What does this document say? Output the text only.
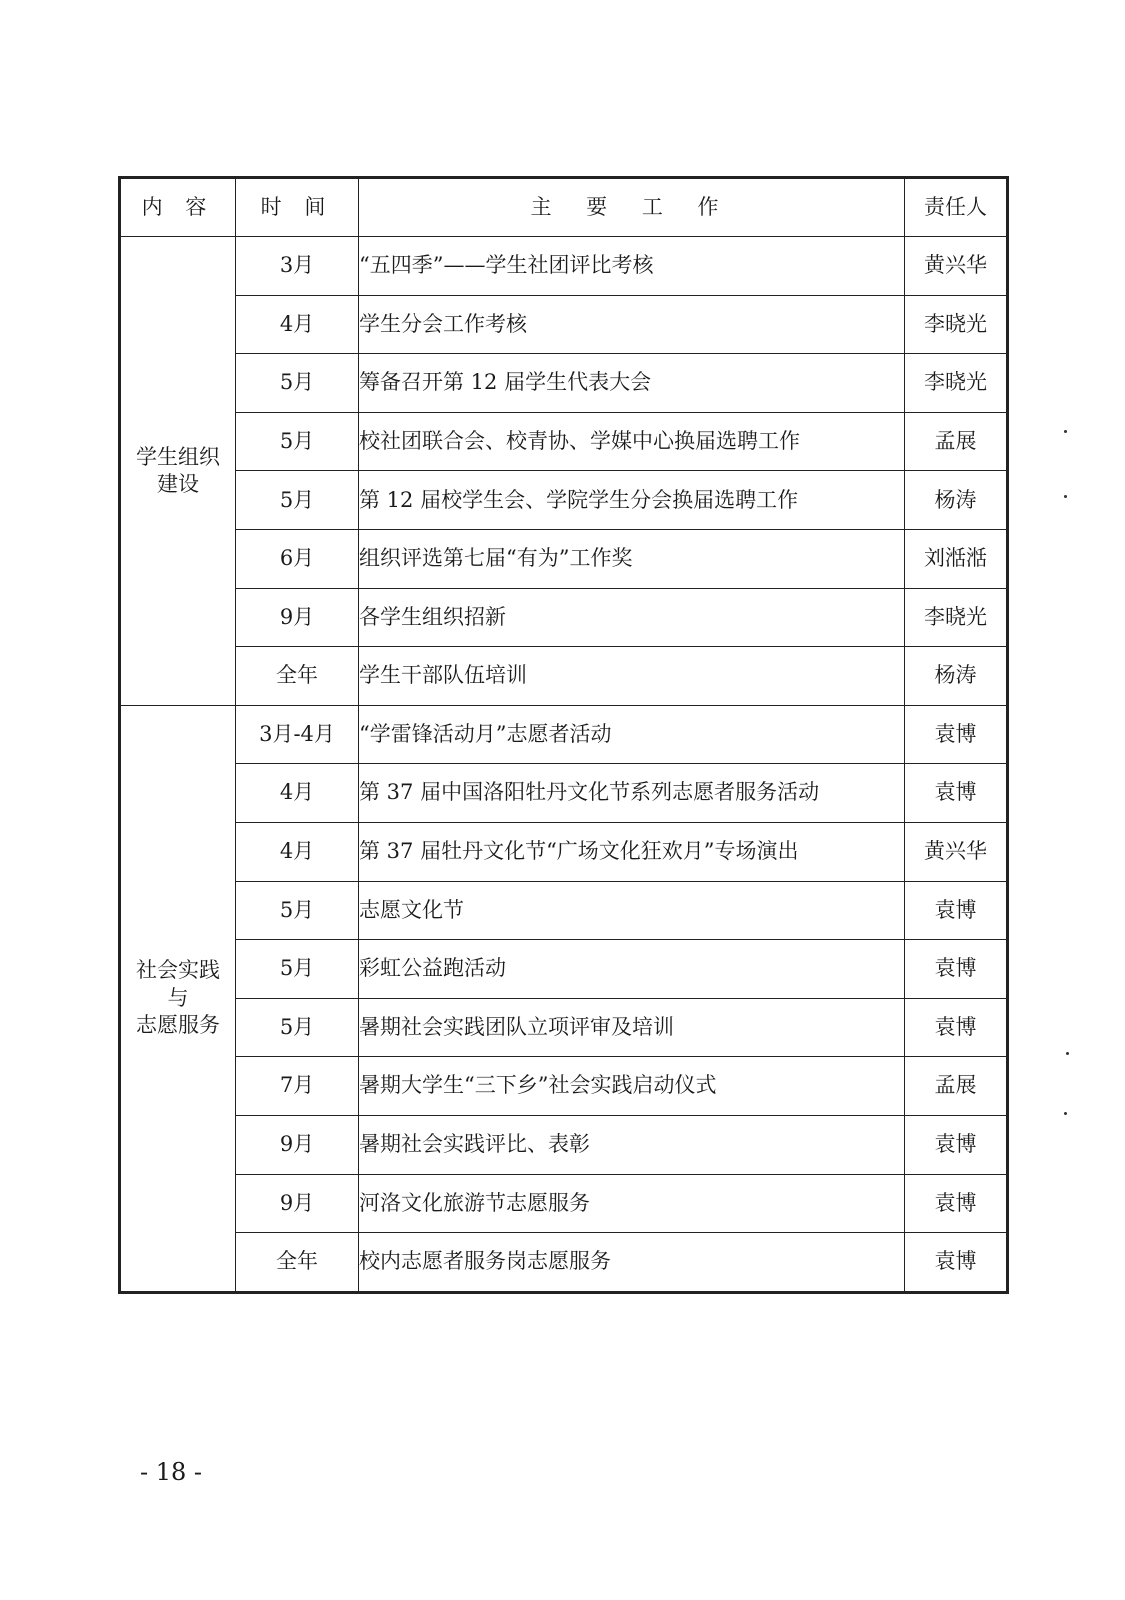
内 容	时 间	主 要 工 作	责任人
学生组织
建设	3月	“五四季”——学生社团评比考核	黄兴华
	4月	学生分会工作考核	李晓光
	5月	筹备召开第 12 届学生代表大会	李晓光
	5月	校社团联合会、校青协、学媒中心换届选聘工作	孟展
	5月	第 12 届校学生会、学院学生分会换届选聘工作	杨涛
	6月	组织评选第七届“有为”工作奖	刘湉湉
	9月	各学生组织招新	李晓光
	全年	学生干部队伍培训	杨涛
社会实践
与
志愿服务	3月-4月	“学雷锋活动月”志愿者活动	袁博
	4月	第 37 届中国洛阳牡丹文化节系列志愿者服务活动	袁博
	4月	第 37 届牡丹文化节“广场文化狂欢月”专场演出	黄兴华
	5月	志愿文化节	袁博
	5月	彩虹公益跑活动	袁博
	5月	暑期社会实践团队立项评审及培训	袁博
	7月	暑期大学生“三下乡”社会实践启动仪式	孟展
	9月	暑期社会实践评比、表彰	袁博
	9月	河洛文化旅游节志愿服务	袁博
	全年	校内志愿者服务岗志愿服务	袁博
- 18 -
